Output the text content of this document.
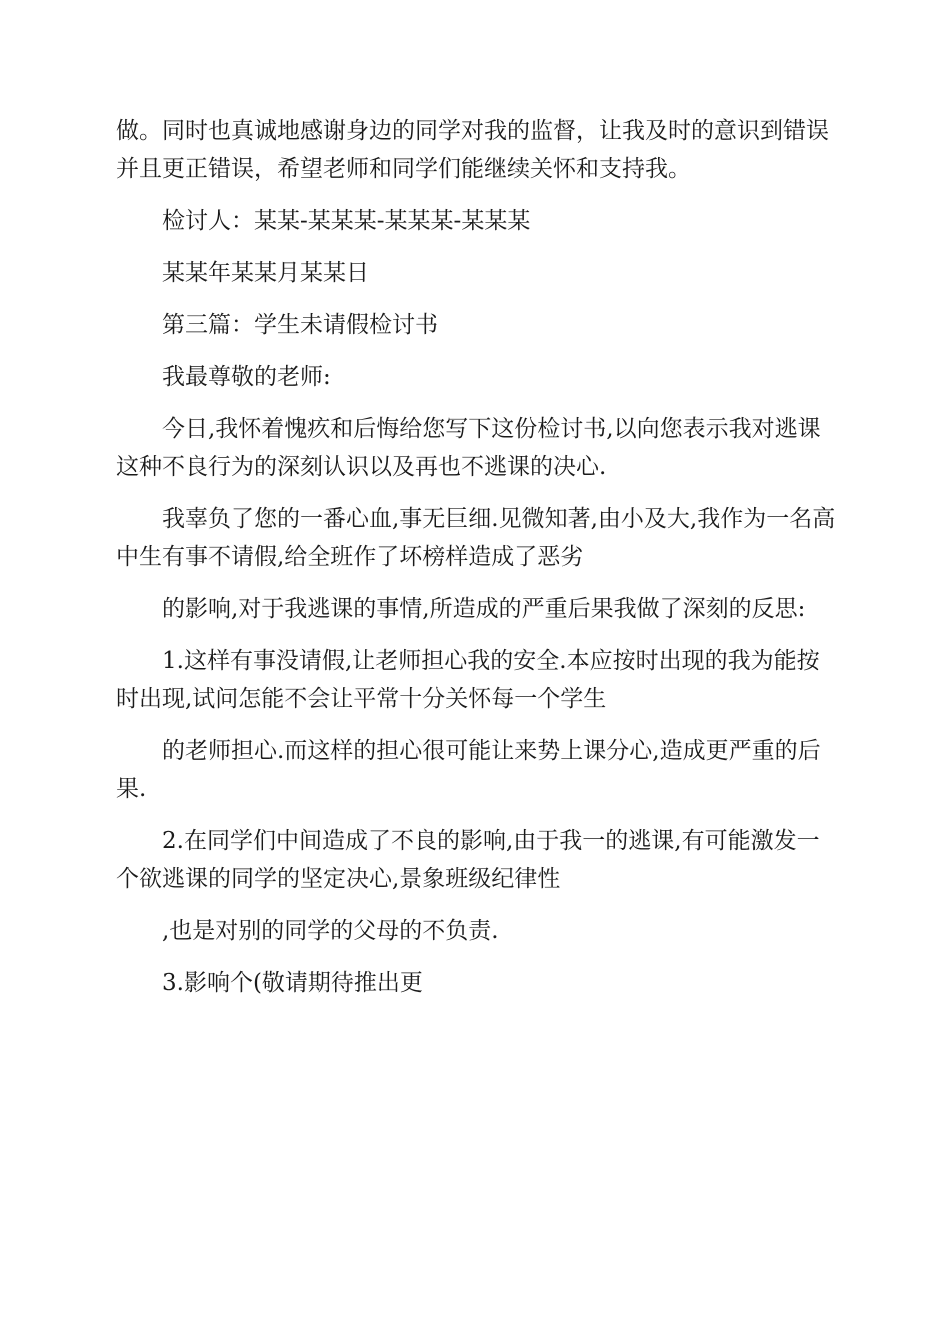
做。同时也真诚地感谢身边的同学对我的监督，让我及时的意识到错误并且更正错误，希望老师和同学们能继续关怀和支持我。

检讨人：某某-某某某-某某某-某某某

某某年某某月某某日

第三篇：学生未请假检讨书

我最尊敬的老师:

今日,我怀着愧疚和后悔给您写下这份检讨书,以向您表示我对逃课这种不良行为的深刻认识以及再也不逃课的决心.

我辜负了您的一番心血,事无巨细.见微知著,由小及大,我作为一名高中生有事不请假,给全班作了坏榜样造成了恶劣

的影响,对于我逃课的事情,所造成的严重后果我做了深刻的反思:

1.这样有事没请假,让老师担心我的安全.本应按时出现的我为能按时出现,试问怎能不会让平常十分关怀每一个学生

的老师担心.而这样的担心很可能让来势上课分心,造成更严重的后果.

2.在同学们中间造成了不良的影响,由于我一的逃课,有可能激发一个欲逃课的同学的坚定决心,景象班级纪律性

,也是对别的同学的父母的不负责.

3.影响个(敬请期待推出更
